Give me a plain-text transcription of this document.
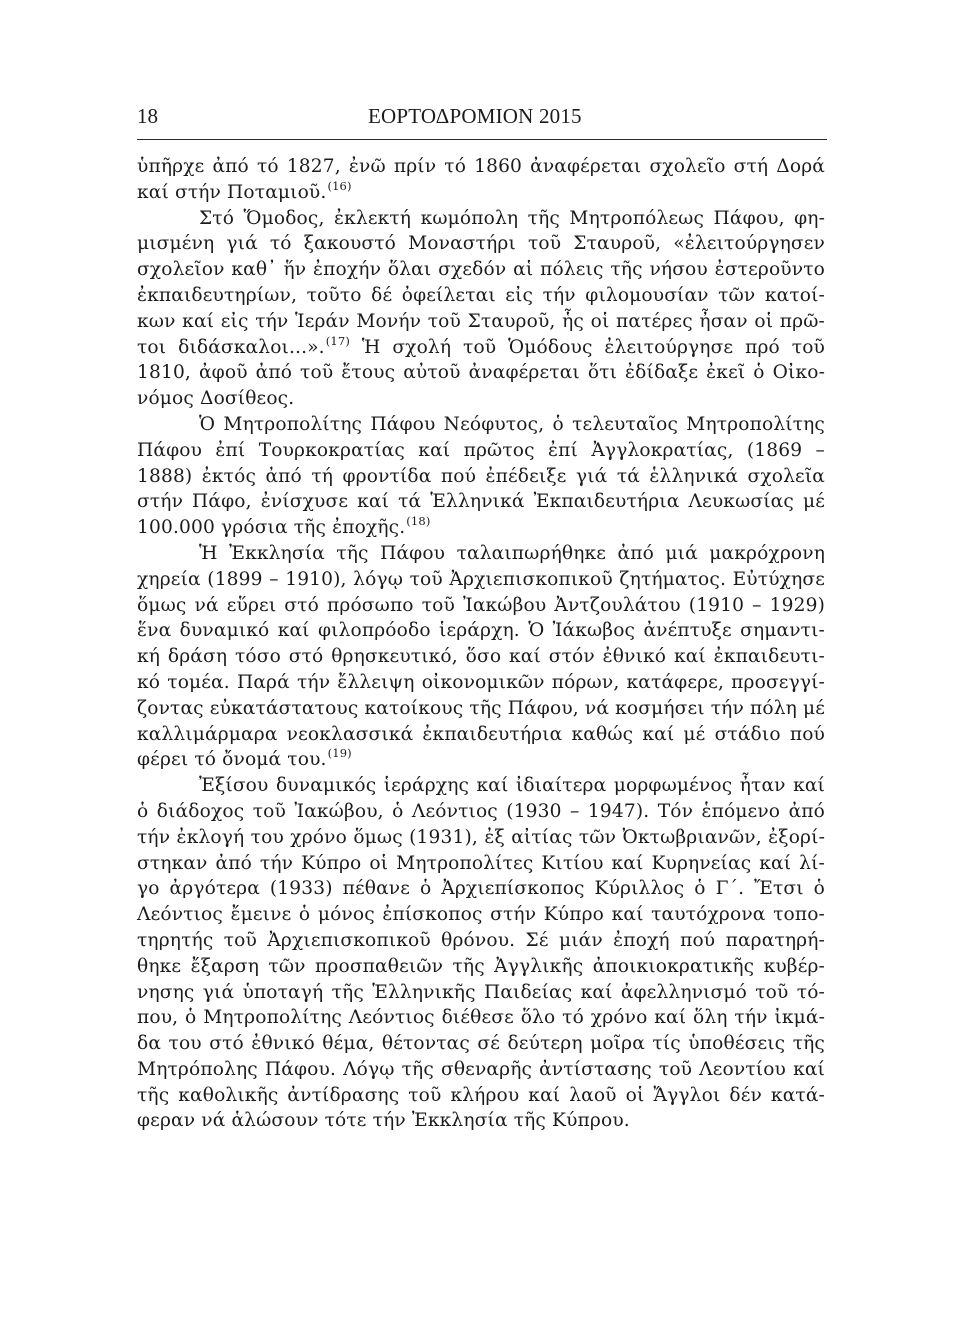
18	ΕΟΡΤΟΔΡΟΜΙΟΝ 2015
ὑπῆρχε ἀπό τό 1827, ἐνῶ πρίν τό 1860 ἀναφέρεται σχολεῖο στή Δορά
καί στήν Ποταμιοῦ.$^{(16)}$
Στό Ὅμοδος, ἐκλεκτή κωμόπολη τῆς Μητροπόλεως Πάφου, φη-
μισμένη γιά τό ξακουστό Μοναστήρι τοῦ Σταυροῦ, «ἐλειτούργησεν
σχολεῖον καθ᾽ ἥν ἐποχήν ὅλαι σχεδόν αἱ πόλεις τῆς νήσου ἐστεροῦντο
ἐκπαιδευτηρίων, τοῦτο δέ ὀφείλεται εἰς τήν φιλομουσίαν τῶν κατοί-
κων καί εἰς τήν Ἱεράν Μονήν τοῦ Σταυροῦ, ἧς οἱ πατέρες ἦσαν οἱ πρῶ-
τοι διδάσκαλοι...».$^{(17)}$ Ἡ σχολή τοῦ Ὁμόδους ἐλειτούργησε πρό τοῦ
1810, ἀφοῦ ἀπό τοῦ ἔτους αὐτοῦ ἀναφέρεται ὅτι ἐδίδαξε ἐκεῖ ὁ Οἰκο-
νόμος Δοσίθεος.
Ὁ Μητροπολίτης Πάφου Νεόφυτος, ὁ τελευταῖος Μητροπολίτης
Πάφου ἐπί Τουρκοκρατίας καί πρῶτος ἐπί Ἀγγλοκρατίας, (1869 –
1888) ἐκτός ἀπό τή φροντίδα πού ἐπέδειξε γιά τά ἑλληνικά σχολεῖα
στήν Πάφο, ἐνίσχυσε καί τά Ἑλληνικά Ἐκπαιδευτήρια Λευκωσίας μέ
100.000 γρόσια τῆς ἐποχῆς.$^{(18)}$
Ἡ Ἐκκλησία τῆς Πάφου ταλαιπωρήθηκε ἀπό μιά μακρόχρονη
χηρεία (1899 – 1910), λόγῳ τοῦ Ἀρχιεπισκοπικοῦ ζητήματος. Εὐτύχησε
ὅμως νά εὕρει στό πρόσωπο τοῦ Ἰακώβου Ἀντζουλάτου (1910 – 1929)
ἕνα δυναμικό καί φιλοπρόοδο ἱεράρχη. Ὁ Ἰάκωβος ἀνέπτυξε σημαντι-
κή δράση τόσο στό θρησκευτικό, ὅσο καί στόν ἐθνικό καί ἐκπαιδευτι-
κό τομέα. Παρά τήν ἔλλειψη οἰκονομικῶν πόρων, κατάφερε, προσεγγί-
ζοντας εὐκατάστατους κατοίκους τῆς Πάφου, νά κοσμήσει τήν πόλη μέ
καλλιμάρμαρα νεοκλασσικά ἐκπαιδευτήρια καθώς καί μέ στάδιο πού
φέρει τό ὄνομά του.$^{(19)}$
Ἐξίσου δυναμικός ἱεράρχης καί ἰδιαίτερα μορφωμένος ἦταν καί
ὁ διάδοχος τοῦ Ἰακώβου, ὁ Λεόντιος (1930 – 1947). Τόν ἑπόμενο ἀπό
τήν ἐκλογή του χρόνο ὅμως (1931), ἐξ αἰτίας τῶν Ὀκτωβριανῶν, ἐξορί-
στηκαν ἀπό τήν Κύπρο οἱ Μητροπολίτες Κιτίου καί Κυρηνείας καί λί-
γο ἀργότερα (1933) πέθανε ὁ Ἀρχιεπίσκοπος Κύριλλος ὁ Γ΄. Ἔτσι ὁ
Λεόντιος ἔμεινε ὁ μόνος ἐπίσκοπος στήν Κύπρο καί ταυτόχρονα τοπο-
τηρητής τοῦ Ἀρχιεπισκοπικοῦ θρόνου. Σέ μιάν ἐποχή πού παρατηρή-
θηκε ἔξαρση τῶν προσπαθειῶν τῆς Ἀγγλικῆς ἀποικιοκρατικῆς κυβέρ-
νησης γιά ὑποταγή τῆς Ἑλληνικῆς Παιδείας καί ἀφελληνισμό τοῦ τό-
που, ὁ Μητροπολίτης Λεόντιος διέθεσε ὅλο τό χρόνο καί ὅλη τήν ἰκμά-
δα του στό ἐθνικό θέμα, θέτοντας σέ δεύτερη μοῖρα τίς ὑποθέσεις τῆς
Μητρόπολης Πάφου. Λόγῳ τῆς σθεναρῆς ἀντίστασης τοῦ Λεοντίου καί
τῆς καθολικῆς ἀντίδρασης τοῦ κλήρου καί λαοῦ οἱ Ἄγγλοι δέν κατά-
φεραν νά ἁλώσουν τότε τήν Ἐκκλησία τῆς Κύπρου.
